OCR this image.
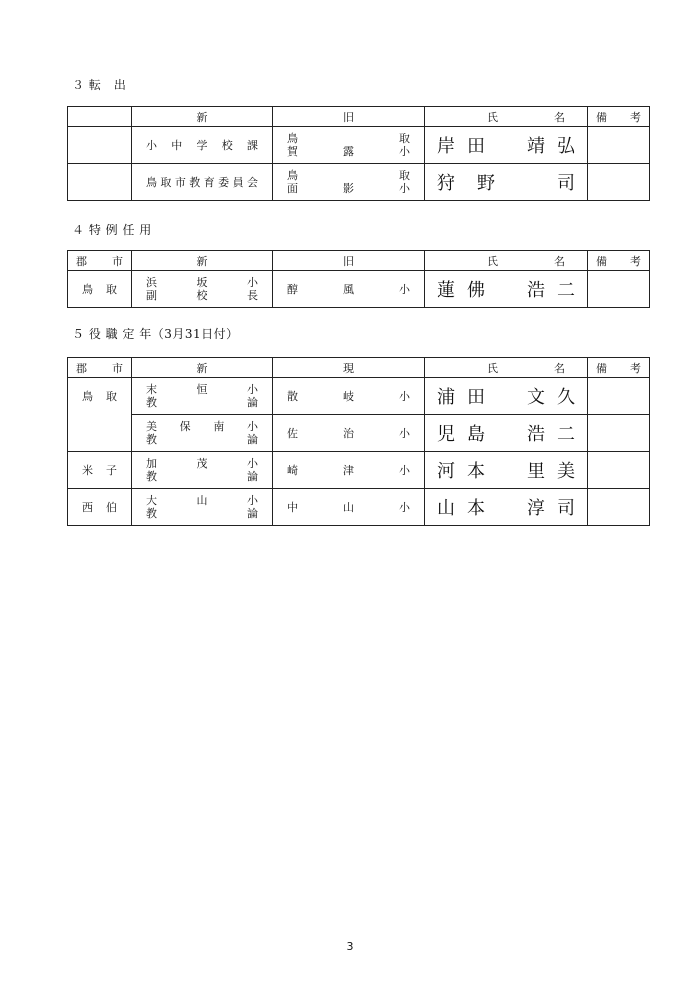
３ 転　出
	新	旧	氏 名	備 考

	小中学校課	鳥　　　　　　　取
賀　　露　　小	岸田　靖弘	

	鳥取市教育委員会	鳥　　　　　　　取
面　　影　　小	狩野　司	

４ 特 例 任 用
郡 市	新	旧	氏 名	備 考

鳥取	浜　　坂　　小
副　　校　　長	醇　　風　　小	蓮佛　浩二	

５ 役 職 定 年（3月31日付）
郡 市	新	現	氏 名	備 考

鳥取	末　　恒　　小
教　　　　　論	散　　岐　　小	浦田　文久	

	美　保　南　小
教　　　　　論	佐　　治　　小	児島　浩二	

米子	加　　茂　　小
教　　　　　論	崎　　津　　小	河本　里美	

西伯	大　　山　　小
教　　　　　論	中　　山　　小	山本　淳司	

3
